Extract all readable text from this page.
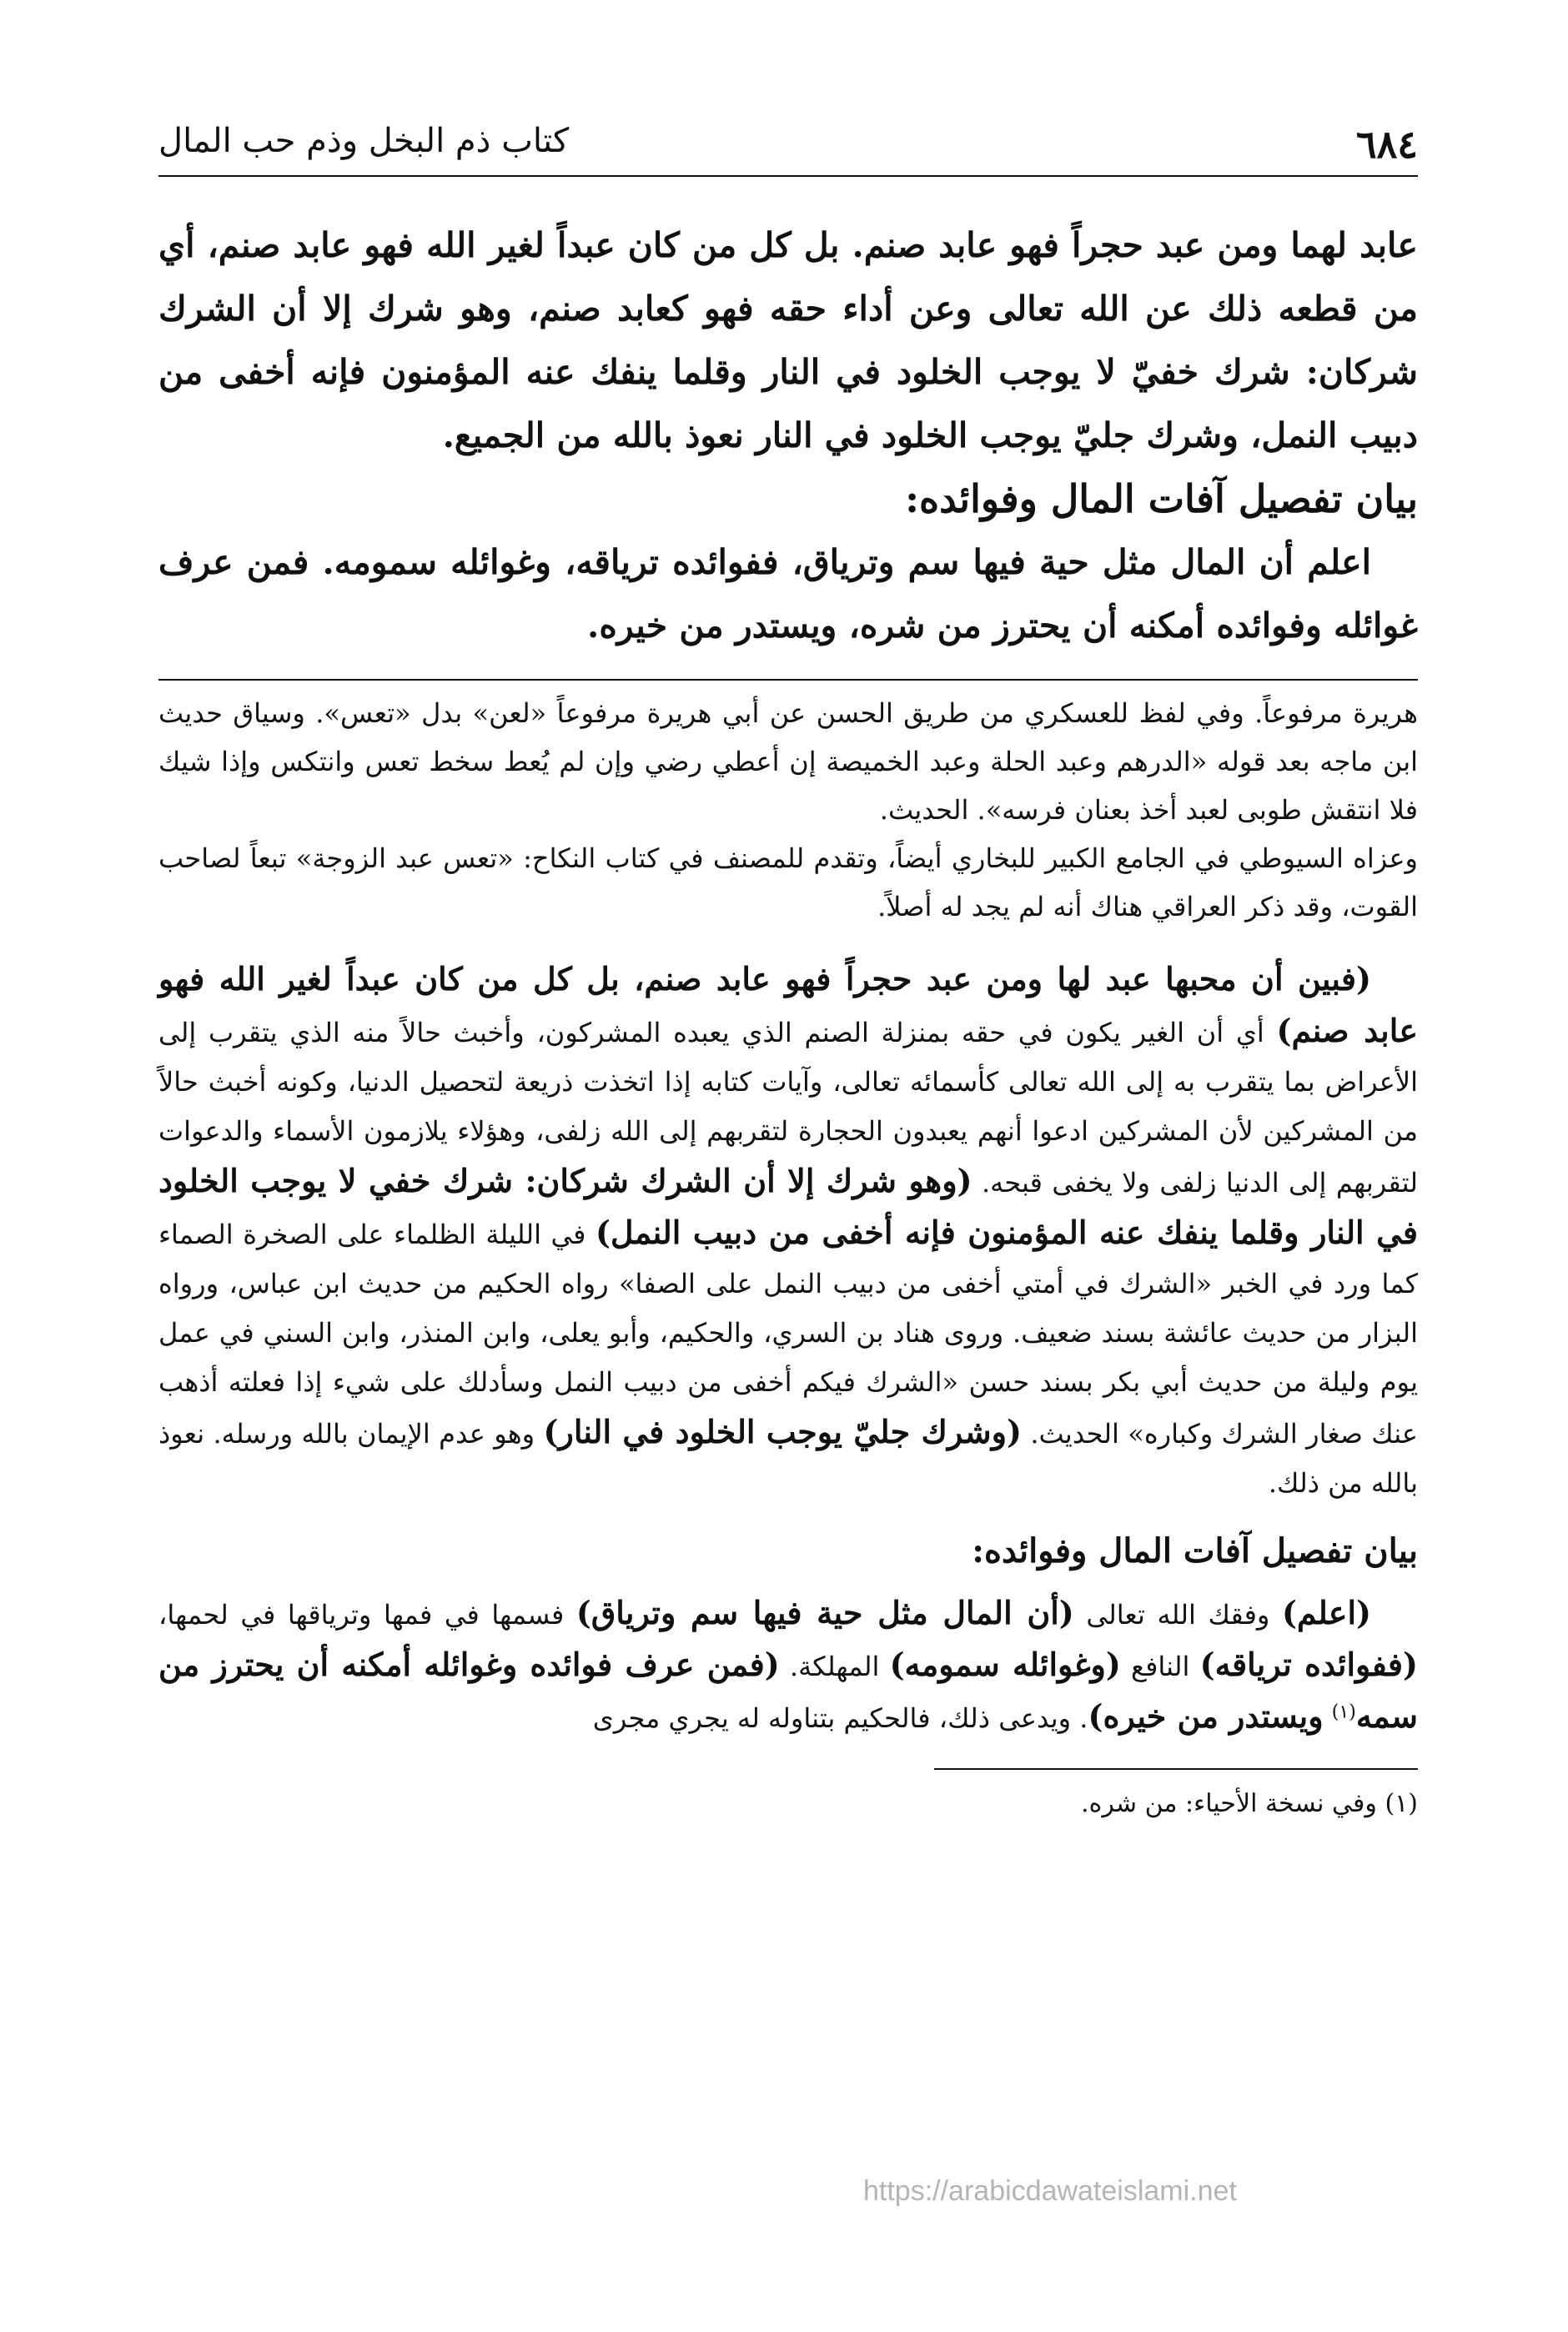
٦٨٤
كتاب ذم البخل وذم حب المال

عابد لهما ومن عبد حجراً فهو عابد صنم. بل كل من كان عبداً لغير الله فهو عابد صنم، أي من قطعه ذلك عن الله تعالى وعن أداء حقه فهو كعابد صنم، وهو شرك إلا أن الشرك شركان: شرك خفيّ لا يوجب الخلود في النار وقلما ينفك عنه المؤمنون فإنه أخفى من دبيب النمل، وشرك جليّ يوجب الخلود في النار نعوذ بالله من الجميع.

بيان تفصيل آفات المال وفوائده:

اعلم أن المال مثل حية فيها سم وترياق، ففوائده ترياقه، وغوائله سمومه. فمن عرف غوائله وفوائده أمكنه أن يحترز من شره، ويستدر من خيره.

هريرة مرفوعاً. وفي لفظ للعسكري من طريق الحسن عن أبي هريرة مرفوعاً «لعن» بدل «تعس». وسياق حديث ابن ماجه بعد قوله «الدرهم وعبد الحلة وعبد الخميصة إن أعطي رضي وإن لم يُعط سخط تعس وانتكس وإذا شيك فلا انتقش طوبى لعبد أخذ بعنان فرسه». الحديث.

وعزاه السيوطي في الجامع الكبير للبخاري أيضاً، وتقدم للمصنف في كتاب النكاح: «تعس عبد الزوجة» تبعاً لصاحب القوت، وقد ذكر العراقي هناك أنه لم يجد له أصلاً.

(فبين أن محبها عبد لها ومن عبد حجراً فهو عابد صنم، بل كل من كان عبداً لغير الله فهو عابد صنم) أي أن الغير يكون في حقه بمنزلة الصنم الذي يعبده المشركون، وأخبث حالاً منه الذي يتقرب إلى الأعراض بما يتقرب به إلى الله تعالى كأسمائه تعالى، وآيات كتابه إذا اتخذت ذريعة لتحصيل الدنيا، وكونه أخبث حالاً من المشركين لأن المشركين ادعوا أنهم يعبدون الحجارة لتقربهم إلى الله زلفى، وهؤلاء يلازمون الأسماء والدعوات لتقربهم إلى الدنيا زلفى ولا يخفى قبحه. (وهو شرك إلا أن الشرك شركان: شرك خفي لا يوجب الخلود في النار وقلما ينفك عنه المؤمنون فإنه أخفى من دبيب النمل) في الليلة الظلماء على الصخرة الصماء كما ورد في الخبر «الشرك في أمتي أخفى من دبيب النمل على الصفا» رواه الحكيم من حديث ابن عباس، ورواه البزار من حديث عائشة بسند ضعيف. وروى هناد بن السري، والحكيم، وأبو يعلى، وابن المنذر، وابن السني في عمل يوم وليلة من حديث أبي بكر بسند حسن «الشرك فيكم أخفى من دبيب النمل وسأدلك على شيء إذا فعلته أذهب عنك صغار الشرك وكباره» الحديث. (وشرك جليّ يوجب الخلود في النار) وهو عدم الإيمان بالله ورسله. نعوذ بالله من ذلك.

بيان تفصيل آفات المال وفوائده:

(اعلم) وفقك الله تعالى (أن المال مثل حية فيها سم وترياق) فسمها في فمها وترياقها في لحمها، (ففوائده ترياقه) النافع (وغوائله سمومه) المهلكة. (فمن عرف فوائده وغوائله أمكنه أن يحترز من سمه$^{(١)}$ ويستدر من خيره). ويدعى ذلك، فالحكيم بتناوله له يجري مجرى

(١) وفي نسخة الأحياء: من شره.
https://arabicdawateislami.net
